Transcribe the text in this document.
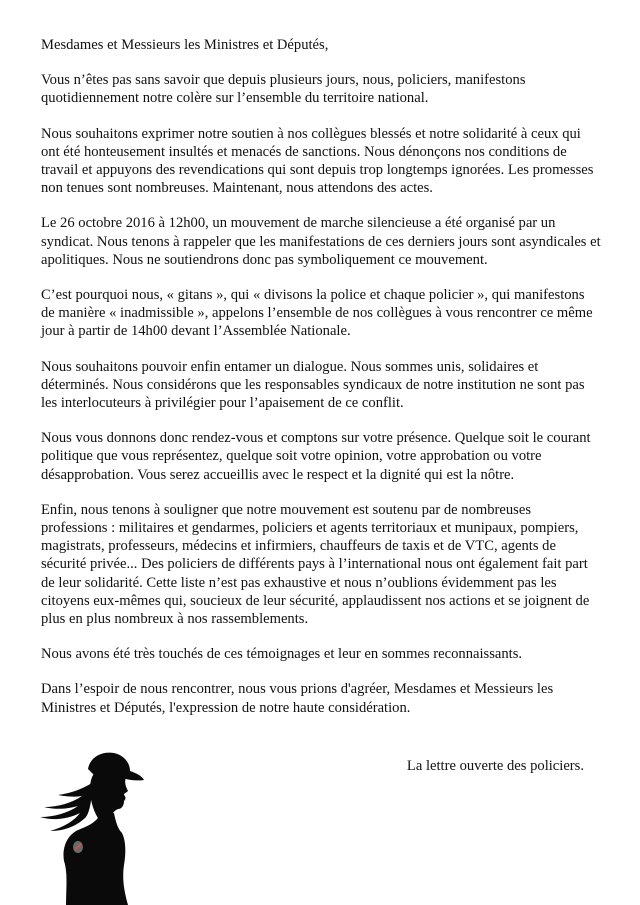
Mesdames et Messieurs les Ministres et Députés,

Vous n’êtes pas sans savoir que depuis plusieurs jours, nous, policiers, manifestons quotidiennement notre colère sur l’ensemble du territoire national.

Nous souhaitons exprimer notre soutien à nos collègues blessés et notre solidarité à ceux qui ont été honteusement insultés et menacés de sanctions. Nous dénonçons nos conditions de travail et appuyons des revendications qui sont depuis trop longtemps ignorées. Les promesses non tenues sont nombreuses. Maintenant, nous attendons des actes.

Le 26 octobre 2016 à 12h00, un mouvement de marche silencieuse a été organisé par un syndicat. Nous tenons à rappeler que les manifestations de ces derniers jours sont asyndicales et apolitiques. Nous ne soutiendrons donc pas symboliquement ce mouvement.

C’est pourquoi nous, « gitans », qui « divisons la police et chaque policier », qui manifestons de manière « inadmissible », appelons l’ensemble de nos collègues à vous rencontrer ce même jour à partir de 14h00 devant l’Assemblée Nationale.

Nous souhaitons pouvoir enfin entamer un dialogue. Nous sommes unis, solidaires et déterminés. Nous considérons que les responsables syndicaux de notre institution ne sont pas les interlocuteurs à privilégier pour l’apaisement de ce conflit.

Nous vous donnons donc rendez-vous et comptons sur votre présence. Quelque soit le courant politique que vous représentez, quelque soit votre opinion, votre approbation ou votre désapprobation. Vous serez accueillis avec le respect et la dignité qui est la nôtre.

Enfin, nous tenons à souligner que notre mouvement est soutenu par de nombreuses professions : militaires et gendarmes, policiers et agents territoriaux et munipaux, pompiers, magistrats, professeurs, médecins et infirmiers, chauffeurs de taxis et de VTC, agents de sécurité privée... Des policiers de différents pays à l’international nous ont également fait part de leur solidarité. Cette liste n’est pas exhaustive et nous n’oublions évidemment pas les citoyens eux-mêmes qui, soucieux de leur sécurité, applaudissent nos actions et se joignent de plus en plus nombreux à nos rassemblements.

Nous avons été très touchés de ces témoignages et leur en sommes reconnaissants.

Dans l’espoir de nous rencontrer, nous vous prions d'agréer, Mesdames et Messieurs les Ministres et Députés, l'expression de notre haute considération.

La lettre ouverte des policiers.
